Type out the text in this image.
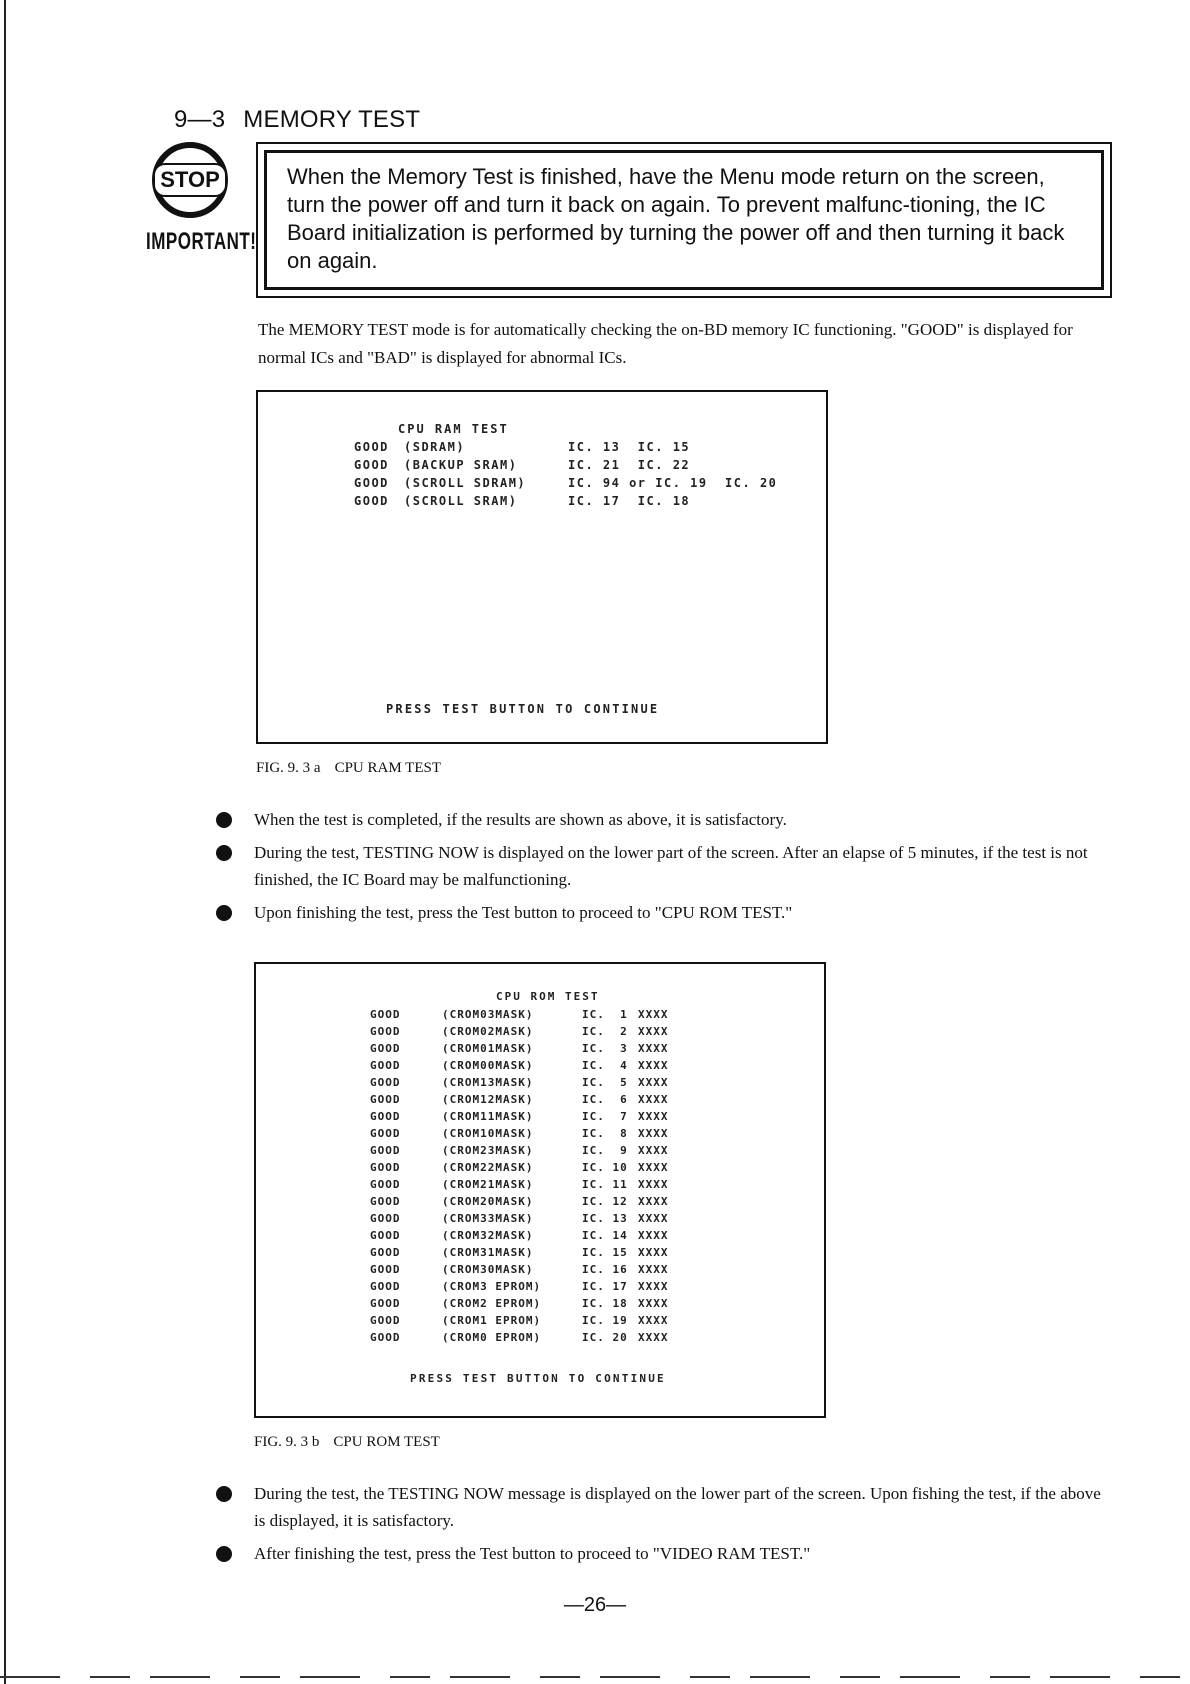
9—3 MEMORY TEST
STOP
IMPORTANT!
When the Memory Test is finished, have the Menu mode return on the screen, turn the power off and turn it back on again. To prevent malfunc-tioning, the IC Board initialization is performed by turning the power off and then turning it back on again.
The MEMORY TEST mode is for automatically checking the on-BD memory IC functioning. "GOOD" is displayed for normal ICs and "BAD" is displayed for abnormal ICs.
CPU RAM TEST
GOOD	(SDRAM)	IC. 13  IC. 15
GOOD	(BACKUP SRAM)	IC. 21  IC. 22
GOOD	(SCROLL SDRAM)	IC. 94 or IC. 19  IC. 20
GOOD	(SCROLL SRAM)	IC. 17  IC. 18
PRESS TEST BUTTON TO CONTINUE
FIG. 9. 3 a CPU RAM TEST
When the test is completed, if the results are shown as above, it is satisfactory.
During the test, TESTING NOW is displayed on the lower part of the screen. After an elapse of 5 minutes, if the test is not finished, the IC Board may be malfunctioning.
Upon finishing the test, press the Test button to proceed to "CPU ROM TEST."
CPU ROM TEST
GOOD	(CROM03MASK)	IC.  1 XXXX
GOOD	(CROM02MASK)	IC.  2 XXXX
GOOD	(CROM01MASK)	IC.  3 XXXX
GOOD	(CROM00MASK)	IC.  4 XXXX
GOOD	(CROM13MASK)	IC.  5 XXXX
GOOD	(CROM12MASK)	IC.  6 XXXX
GOOD	(CROM11MASK)	IC.  7 XXXX
GOOD	(CROM10MASK)	IC.  8 XXXX
GOOD	(CROM23MASK)	IC.  9 XXXX
GOOD	(CROM22MASK)	IC. 10 XXXX
GOOD	(CROM21MASK)	IC. 11 XXXX
GOOD	(CROM20MASK)	IC. 12 XXXX
GOOD	(CROM33MASK)	IC. 13 XXXX
GOOD	(CROM32MASK)	IC. 14 XXXX
GOOD	(CROM31MASK)	IC. 15 XXXX
GOOD	(CROM30MASK)	IC. 16 XXXX
GOOD	(CROM3 EPROM)	IC. 17 XXXX
GOOD	(CROM2 EPROM)	IC. 18 XXXX
GOOD	(CROM1 EPROM)	IC. 19 XXXX
GOOD	(CROM0 EPROM)	IC. 20 XXXX
PRESS TEST BUTTON TO CONTINUE
FIG. 9. 3 b CPU ROM TEST
During the test, the TESTING NOW message is displayed on the lower part of the screen. Upon fishing the test, if the above is displayed, it is satisfactory.
After finishing the test, press the Test button to proceed to "VIDEO RAM TEST."
—26—
